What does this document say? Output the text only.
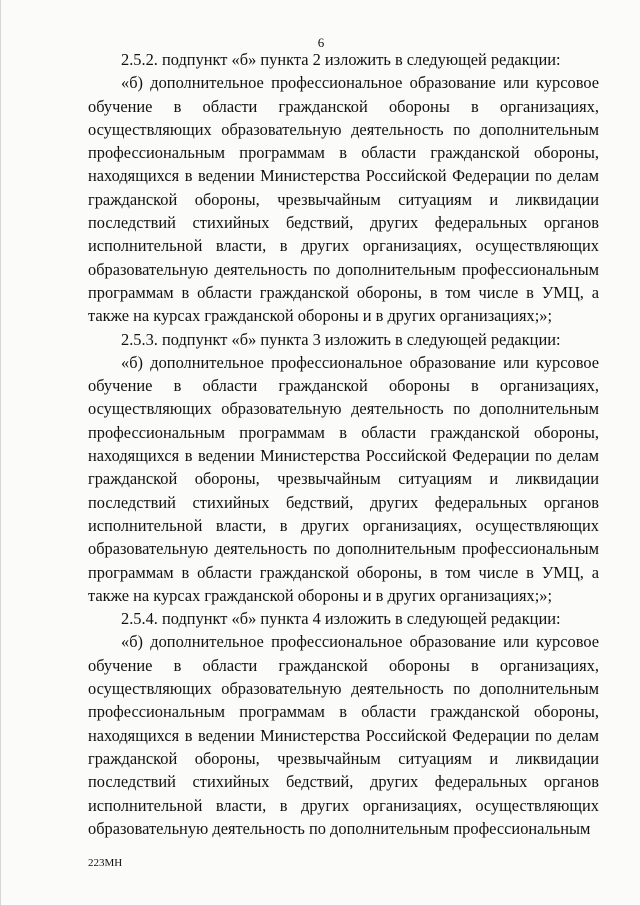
6

2.5.2. подпункт «б» пункта 2 изложить в следующей редакции:

«б) дополнительное профессиональное образование или курсовое обучение в области гражданской обороны в организациях, осуществляющих образовательную деятельность по дополнительным профессиональным программам в области гражданской обороны, находящихся в ведении Министерства Российской Федерации по делам гражданской обороны, чрезвычайным ситуациям и ликвидации последствий стихийных бедствий, других федеральных органов исполнительной власти, в других организациях, осуществляющих образовательную деятельность по дополнительным профессиональным программам в области гражданской обороны, в том числе в УМЦ, а также на курсах гражданской обороны и в других организациях;»;

2.5.3. подпункт «б» пункта 3 изложить в следующей редакции:

«б) дополнительное профессиональное образование или курсовое обучение в области гражданской обороны в организациях, осуществляющих образовательную деятельность по дополнительным профессиональным программам в области гражданской обороны, находящихся в ведении Министерства Российской Федерации по делам гражданской обороны, чрезвычайным ситуациям и ликвидации последствий стихийных бедствий, других федеральных органов исполнительной власти, в других организациях, осуществляющих образовательную деятельность по дополнительным профессиональным программам в области гражданской обороны, в том числе в УМЦ, а также на курсах гражданской обороны и в других организациях;»;

2.5.4. подпункт «б» пункта 4 изложить в следующей редакции:

«б) дополнительное профессиональное образование или курсовое обучение в области гражданской обороны в организациях, осуществляющих образовательную деятельность по дополнительным профессиональным программам в области гражданской обороны, находящихся в ведении Министерства Российской Федерации по делам гражданской обороны, чрезвычайным ситуациям и ликвидации последствий стихийных бедствий, других федеральных органов исполнительной власти, в других организациях, осуществляющих образовательную деятельность по дополнительным профессиональным

223МН
